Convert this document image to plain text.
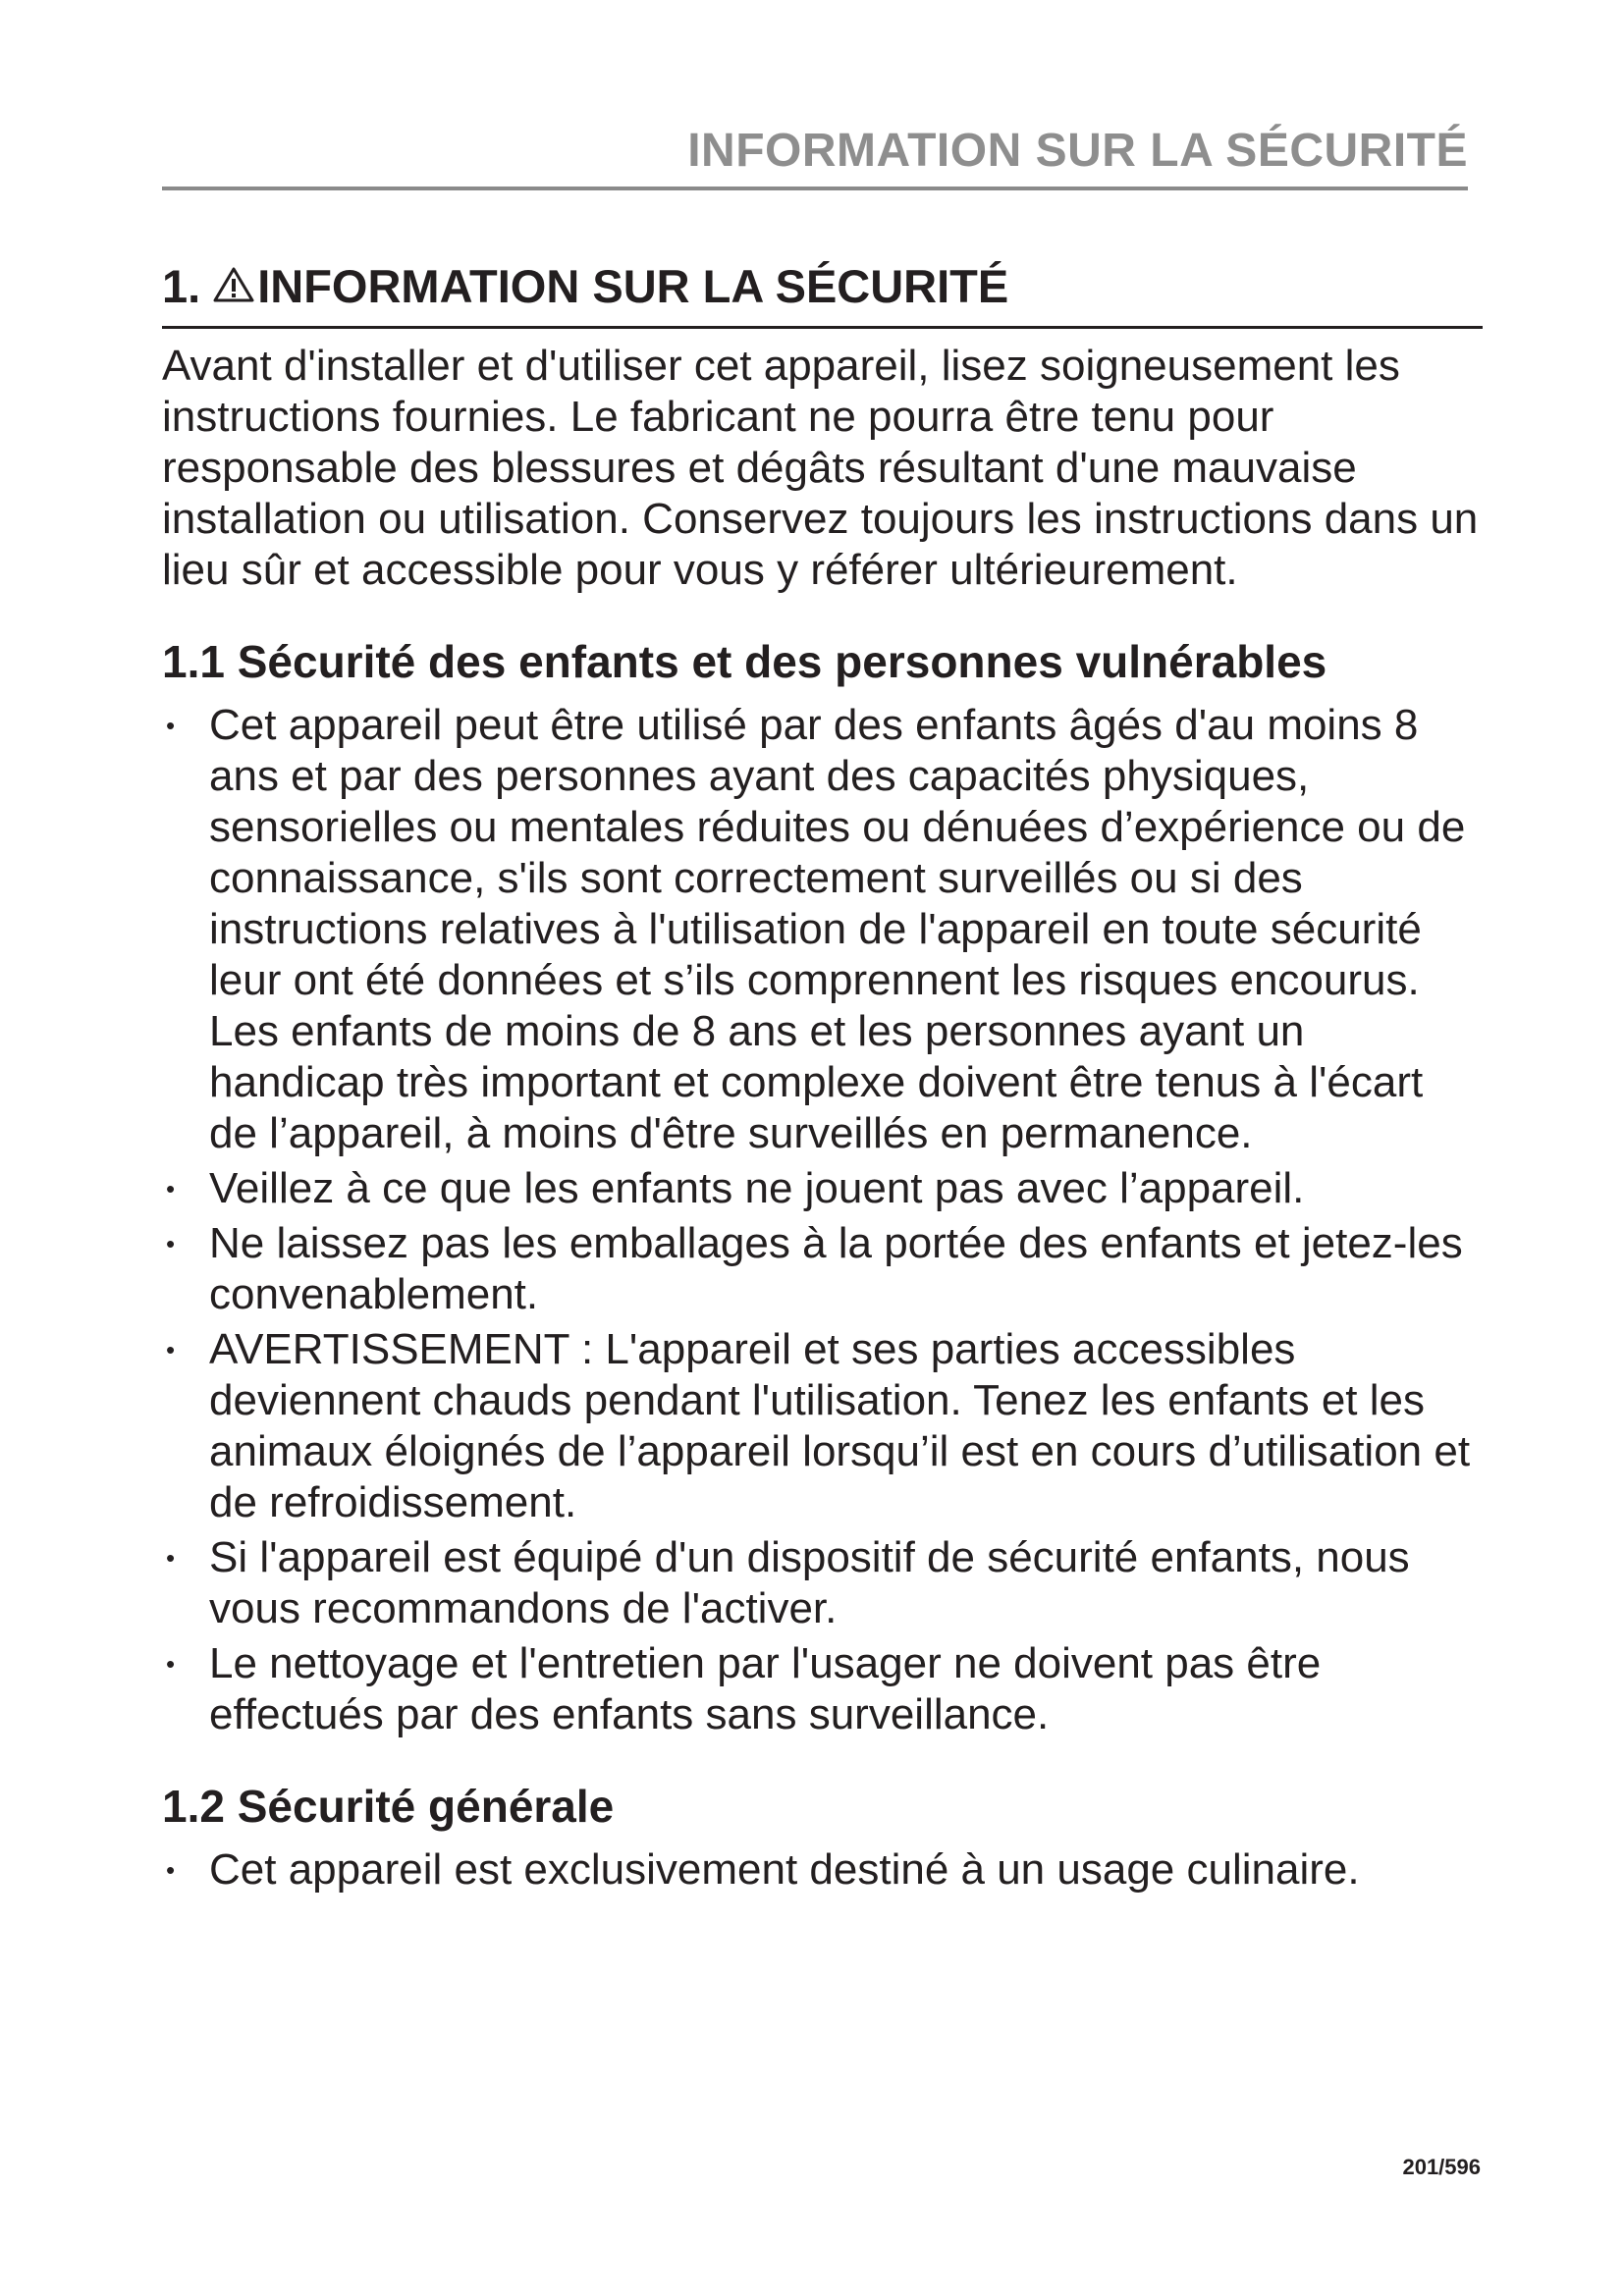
INFORMATION SUR LA SÉCURITÉ
1. INFORMATION SUR LA SÉCURITÉ

Avant d'installer et d'utiliser cet appareil, lisez soigneusement les instructions fournies. Le fabricant ne pourra être tenu pour responsable des blessures et dégâts résultant d'une mauvaise installation ou utilisation. Conservez toujours les instructions dans un lieu sûr et accessible pour vous y référer ultérieurement.

1.1 Sécurité des enfants et des personnes vulnérables
• Cet appareil peut être utilisé par des enfants âgés d'au moins 8 ans et par des personnes ayant des capacités physiques, sensorielles ou mentales réduites ou dénuées d’expérience ou de connaissance, s'ils sont correctement surveillés ou si des instructions relatives à l'utilisation de l'appareil en toute sécurité leur ont été données et s’ils comprennent les risques encourus. Les enfants de moins de 8 ans et les personnes ayant un handicap très important et complexe doivent être tenus à l'écart de l’appareil, à moins d'être surveillés en permanence.
• Veillez à ce que les enfants ne jouent pas avec l’appareil.
• Ne laissez pas les emballages à la portée des enfants et jetez-les convenablement.
• AVERTISSEMENT : L'appareil et ses parties accessibles deviennent chauds pendant l'utilisation. Tenez les enfants et les animaux éloignés de l’appareil lorsqu’il est en cours d’utilisation et de refroidissement.
• Si l'appareil est équipé d'un dispositif de sécurité enfants, nous vous recommandons de l'activer.
• Le nettoyage et l'entretien par l'usager ne doivent pas être effectués par des enfants sans surveillance.
1.2 Sécurité générale
• Cet appareil est exclusivement destiné à un usage culinaire.
201/596
